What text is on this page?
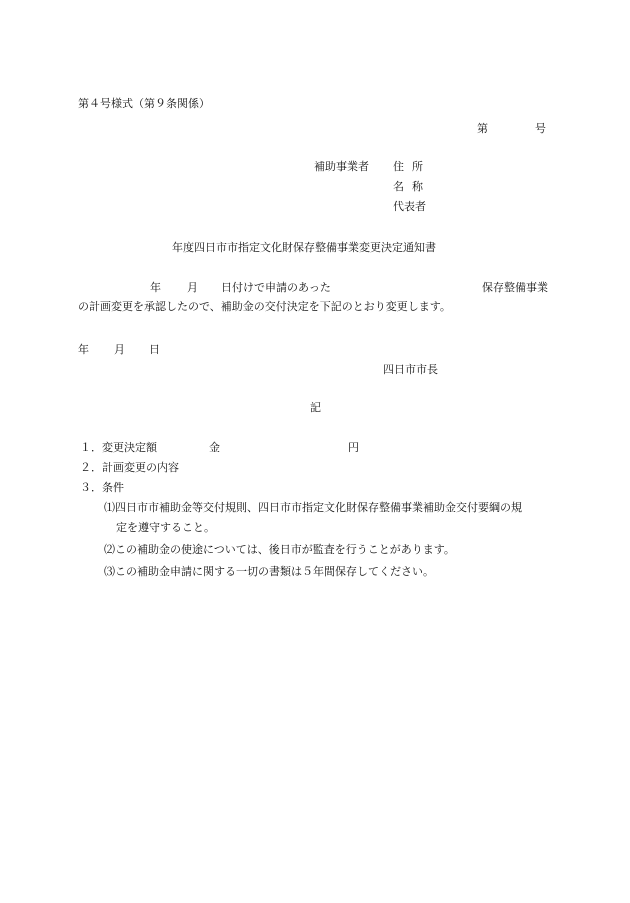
第４号様式（第９条関係）
第	号
補助事業者 住所
名称
代表者
年度四日市市指定文化財保存整備事業変更決定通知書
年 月 日付けで申請のあった	保存整備事業
の計画変更を承認したので、補助金の交付決定を下記のとおり変更します。
年 月 日
四日市市長
記
１．変更決定額	金	円
２．計画変更の内容
３．条件
⑴四日市市補助金等交付規則、四日市市指定文化財保存整備事業補助金交付要綱の規
定を遵守すること。
⑵この補助金の使途については、後日市が監査を行うことがあります。
⑶この補助金申請に関する一切の書類は５年間保存してください。
